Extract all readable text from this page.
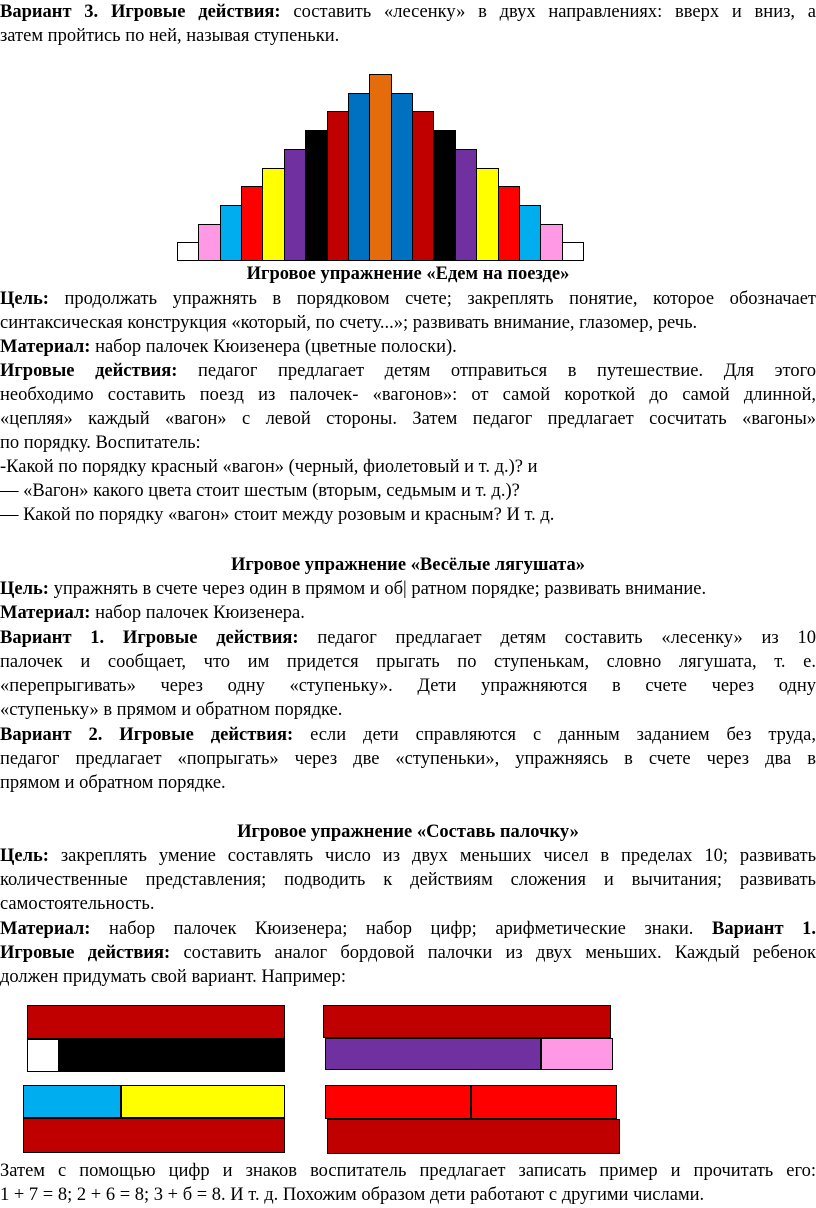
Вариант 3. Игровые действия: составить «лесенку» в двух направлениях: вверх и вниз, а
затем пройтись по ней, называя ступеньки.
Игровое упражнение «Едем на поезде»
Цель: продолжать упражнять в порядковом счете; закреплять понятие, которое обозначает
синтаксическая конструкция «который, по счету...»; развивать внимание, глазомер, речь.
Материал: набор палочек Кюизенера (цветные полоски).
Игровые действия: педагог предлагает детям отправиться в путешествие. Для этого
необходимо составить поезд из палочек- «вагонов»: от самой короткой до самой длинной,
«цепляя» каждый «вагон» с левой стороны. Затем педагог предлагает сосчитать «вагоны»
по порядку. Воспитатель:
-Какой по порядку красный «вагон» (черный, фиолетовый и т. д.)? и
— «Вагон» какого цвета стоит шестым (вторым, седьмым и т. д.)?
— Какой по порядку «вагон» стоит между розовым и красным? И т. д.
Игровое упражнение «Весёлые лягушата»
Цель: упражнять в счете через один в прямом и об| ратном порядке; развивать внимание.
Материал: набор палочек Кюизенера.
Вариант 1. Игровые действия: педагог предлагает детям составить «лесенку» из 10
палочек и сообщает, что им придется прыгать по ступенькам, словно лягушата, т. е.
«перепрыгивать» через одну «ступеньку». Дети упражняются в счете через одну
«ступеньку» в прямом и обратном порядке.
Вариант 2. Игровые действия: если дети справляются с данным заданием без труда,
педагог предлагает «попрыгать» через две «ступеньки», упражняясь в счете через два в
прямом и обратном порядке.
Игровое упражнение «Составь палочку»
Цель: закреплять умение составлять число из двух меньших чисел в пределах 10; развивать
количественные представления; подводить к действиям сложения и вычитания; развивать
самостоятельность.
Материал: набор палочек Кюизенера; набор цифр; арифметические знаки. Вариант 1.
Игровые действия: составить аналог бордовой палочки из двух меньших. Каждый ребенок
должен придумать свой вариант. Например:
Затем с помощью цифр и знаков воспитатель предлагает записать пример и прочитать его:
1 + 7 = 8; 2 + 6 = 8; 3 + б = 8. И т. д. Похожим образом дети работают с другими числами.
